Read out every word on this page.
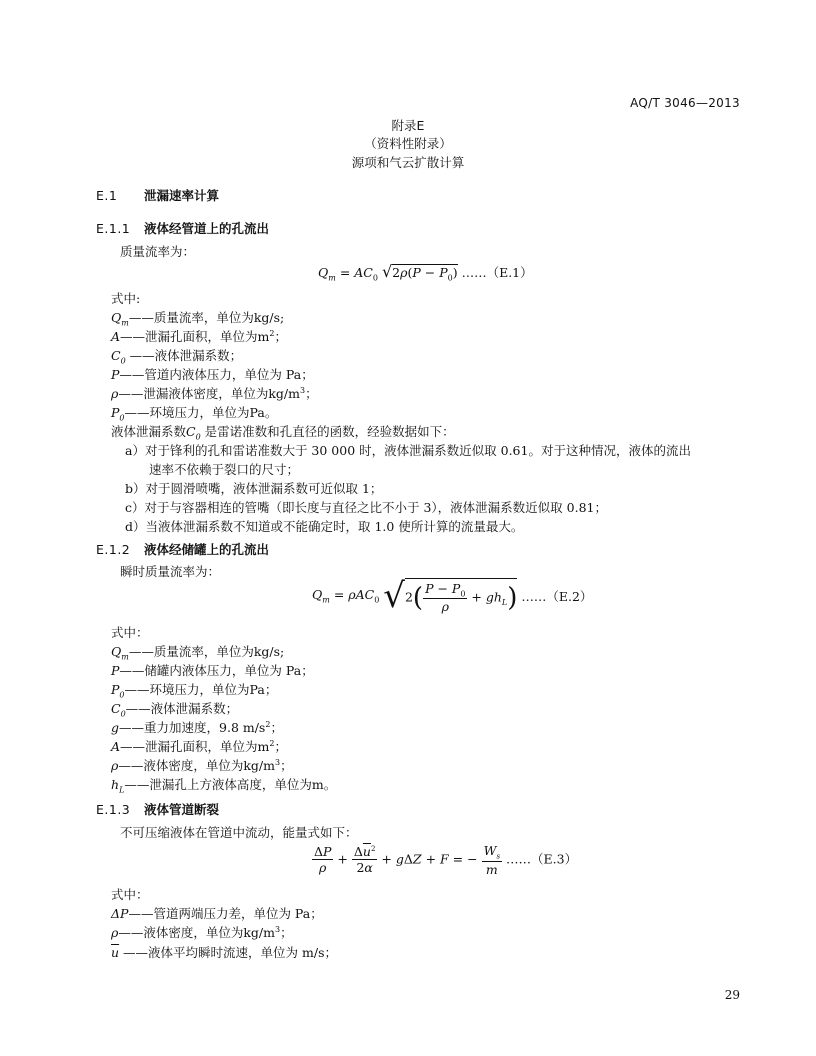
AQ/T 3046—2013
附录E
（资料性附录）
源项和气云扩散计算
E.1 泄漏速率计算
E.1.1 液体经管道上的孔流出
质量流率为：
$Q_m = AC_0$ $√2\rho(P - P_0)$ ……（E.1）
式中:
$Q_m——$质量流率，单位为kg/s;
A——泄漏孔面积，单位为$m^2$；
$C_0$ ——液体泄漏系数；
P——管道内液体压力，单位为 Pa；
ρ——泄漏液体密度，单位为$kg/m^3$；
$P_0——$环境压力，单位为Pa。
液体泄漏系数$C_0$ 是雷诺准数和孔直径的函数，经验数据如下：
a）对于锋利的孔和雷诺准数大于 30 000 时，液体泄漏系数近似取 0.61。对于这种情况，液体的流出
速率不依赖于裂口的尺寸；
b）对于圆滑喷嘴，液体泄漏系数可近似取 1；
c）对于与容器相连的管嘴（即长度与直径之比不小于 3），液体泄漏系数近似取 0.81；
d）当液体泄漏系数不知道或不能确定时，取 1.0 使所计算的流量最大。
E.1.2 液体经储罐上的孔流出
瞬时质量流率为：
$Q_m = \rho AC_0$ $√2( \frac{P - P_0}{\rho} + gh_L)$ ……（E.2）
式中：
$Q_m——$质量流率，单位为kg/s;
P——储罐内液体压力，单位为 Pa；
$P_0——$环境压力，单位为Pa；
$C_0——$液体泄漏系数；
g——重力加速度，9.8 $m/s^2$；
A——泄漏孔面积，单位为$m^2$；
ρ——液体密度，单位为$kg/m^3$；
$h_L——$泄漏孔上方液体高度，单位为m。
E.1.3 液体管道断裂
不可压缩液体在管道中流动，能量式如下：
$\frac{\Delta P}{\rho} + \frac{\Delta\overline{u}^2}{2\alpha} + g\Delta Z + F$ = − $\frac{W_s}{m}$ ……（E.3）
式中：
ΔP——管道两端压力差，单位为 Pa；
ρ——液体密度，单位为$kg/m^3$；
$\overline{u}$ ——液体平均瞬时流速，单位为 m/s；
29
